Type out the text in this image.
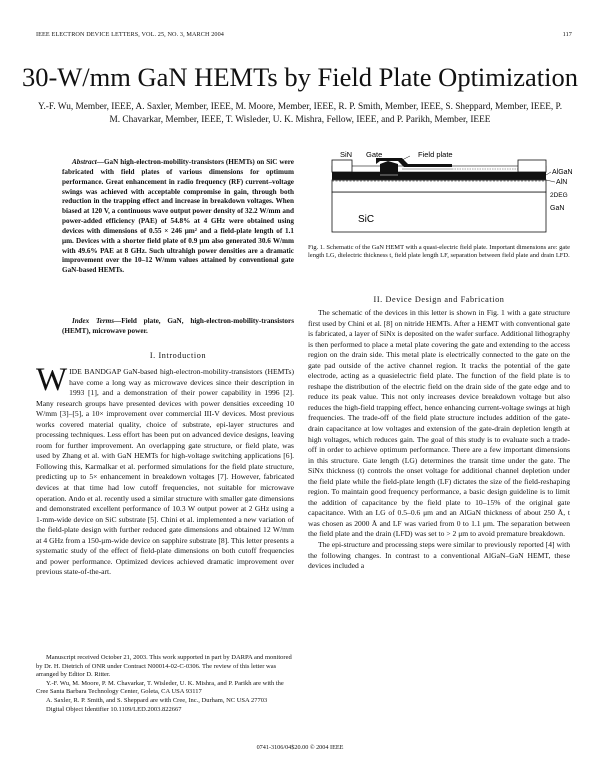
IEEE ELECTRON DEVICE LETTERS, VOL. 25, NO. 3, MARCH 2004	117
30-W/mm GaN HEMTs by Field Plate Optimization
Y.-F. Wu, Member, IEEE, A. Saxler, Member, IEEE, M. Moore, Member, IEEE, R. P. Smith, Member, IEEE, S. Sheppard, Member, IEEE, P. M. Chavarkar, Member, IEEE, T. Wisleder, U. K. Mishra, Fellow, IEEE, and P. Parikh, Member, IEEE

Abstract—GaN high-electron-mobility-transistors (HEMTs) on SiC were fabricated with field plates of various dimensions for optimum performance. Great enhancement in radio frequency (RF) current–voltage swings was achieved with acceptable compromise in gain, through both reduction in the trapping effect and increase in breakdown voltages. When biased at 120 V, a continuous wave output power density of 32.2 W/mm and power-added efficiency (PAE) of 54.8% at 4 GHz were obtained using devices with dimensions of 0.55 × 246 μm² and a field-plate length of 1.1 μm. Devices with a shorter field plate of 0.9 μm also generated 30.6 W/mm with 49.6% PAE at 8 GHz. Such ultrahigh power densities are a dramatic improvement over the 10–12 W/mm values attained by conventional gate GaN-based HEMTs.

Index Terms—Field plate, GaN, high-electron-mobility-transistors (HEMT), microwave power.

I. Introduction
WIDE BANDGAP GaN-based high-electron-mobility-transistors (HEMTs) have come a long way as microwave devices since their description in 1993 [1], and a demonstration of their power capability in 1996 [2]. Many research groups have presented devices with power densities exceeding 10 W/mm [3]–[5], a 10× improvement over commercial III-V devices. Most previous works covered material quality, choice of substrate, epi-layer structures and processing techniques. Less effort has been put on advanced device designs, leaving room for further improvement. An overlapping gate structure, or field plate, was used by Zhang et al. with GaN HEMTs for high-voltage switching applications [6]. Following this, Karmalkar et al. performed simulations for the field plate structure, predicting up to 5× enhancement in breakdown voltages [7]. However, fabricated devices at that time had low cutoff frequencies, not suitable for microwave operation. Ando et al. recently used a similar structure with smaller gate dimensions and demonstrated excellent performance of 10.3 W output power at 2 GHz using a 1-mm-wide device on SiC substrate [5]. Chini et al. implemented a new variation of the field-plate design with further reduced gate dimensions and obtained 12 W/mm at 4 GHz from a 150-μm-wide device on sapphire substrate [8]. This letter presents a systematic study of the effect of field-plate dimensions on both cutoff frequencies and power performance. Optimized devices achieved dramatic improvement over previous state-of-the-art.

Manuscript received October 21, 2003. This work supported in part by DARPA and monitored by Dr. H. Dietrich of ONR under Contract N00014-02-C-0306. The review of this letter was arranged by Editor D. Ritter.

Y.-F. Wu, M. Moore, P. M. Chavarkar, T. Wisleder, U. K. Mishra, and P. Parikh are with the Cree Santa Barbara Technology Center, Goleta, CA USA 93117

A. Saxler, R. P. Smith, and S. Sheppard are with Cree, Inc., Durham, NC USA 27703

Digital Object Identifier 10.1109/LED.2003.822667

SiC
SiN Gate	Field plate
AlGaN
AlN
2DEG
GaN
Fig. 1. Schematic of the GaN HEMT with a quasi-electric field plate. Important dimensions are: gate length LG, dielectric thickness t, field plate length LF, separation between field plate and drain LFD.
II. Device Design and Fabrication

The schematic of the devices in this letter is shown in Fig. 1 with a gate structure first used by Chini et al. [8] on nitride HEMTs. After a HEMT with conventional gate is fabricated, a layer of SiNx is deposited on the wafer surface. Additional lithography is then performed to place a metal plate covering the gate and extending to the access region on the drain side. This metal plate is electrically connected to the gate on the gate pad outside of the active channel region. It tracks the potential of the gate electrode, acting as a quasielectric field plate. The function of the field plate is to reshape the distribution of the electric field on the drain side of the gate edge and to reduce its peak value. This not only increases device breakdown voltage but also reduces the high-field trapping effect, hence enhancing current-voltage swings at high frequencies. The trade-off of the field plate structure includes addition of the gate-drain capacitance at low voltages and extension of the gate-drain depletion length at high voltages, which reduces gain. The goal of this study is to evaluate such a trade-off in order to achieve optimum performance. There are a few important dimensions in this structure. Gate length (LG) determines the transit time under the gate. The SiNx thickness (t) controls the onset voltage for additional channel depletion under the field plate while the field-plate length (LF) dictates the size of the field-reshaping region. To maintain good frequency performance, a basic design guideline is to limit the addition of capacitance by the field plate to 10–15% of the original gate capacitance. With an LG of 0.5–0.6 μm and an AlGaN thickness of about 250 Å, t was chosen as 2000 Å and LF was varied from 0 to 1.1 μm. The separation between the field plate and the drain (LFD) was set to > 2 μm to avoid premature breakdown.

The epi-structure and processing steps were similar to previously reported [4] with the following changes. In contrast to a conventional AlGaN–GaN HEMT, these devices included a

0741-3106/04$20.00 © 2004 IEEE
